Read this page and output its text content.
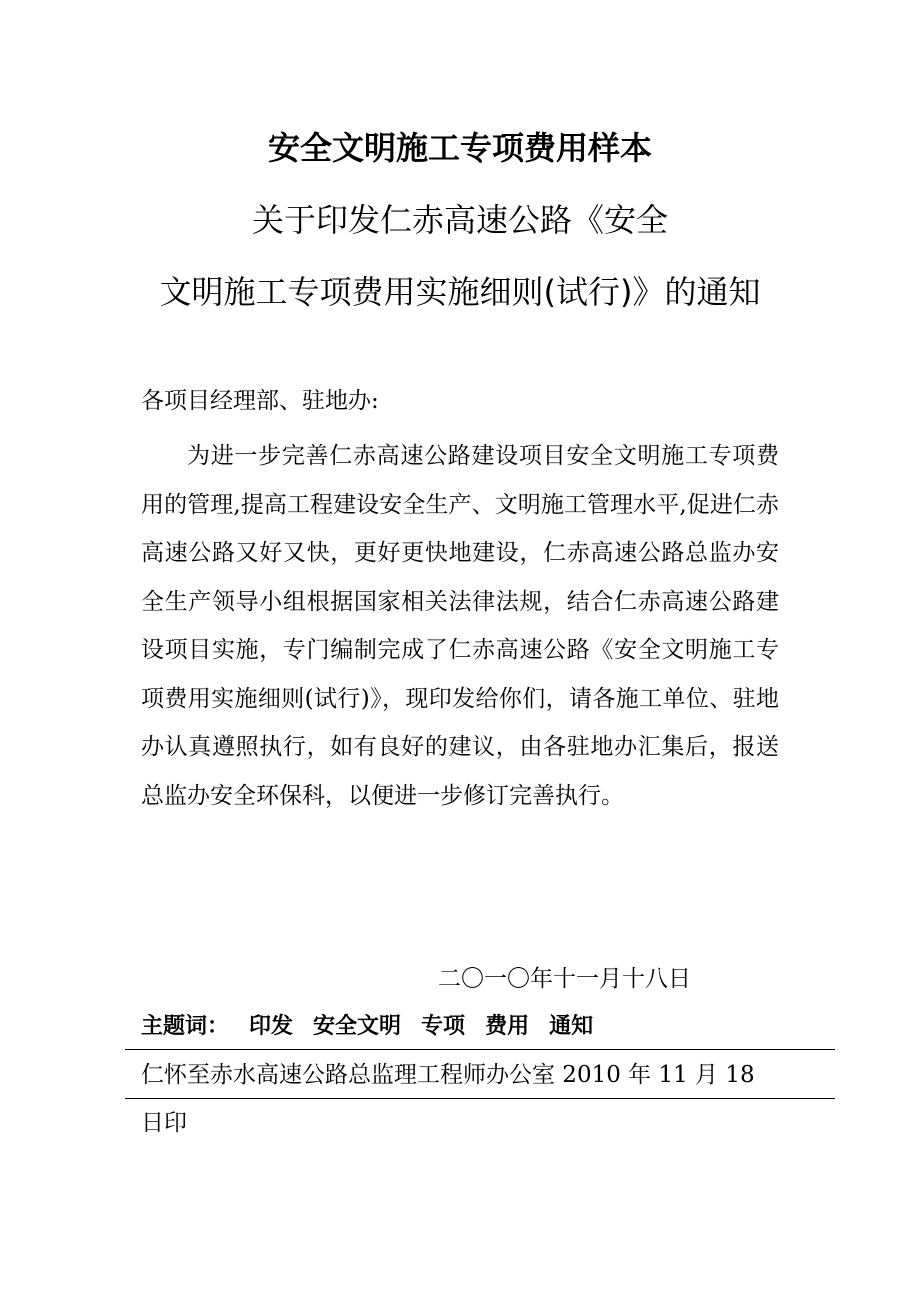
安全文明施工专项费用样本
关于印发仁赤高速公路《安全
文明施工专项费用实施细则(试行)》的通知
各项目经理部、驻地办:
为进一步完善仁赤高速公路建设项目安全文明施工专项费用的管理,提高工程建设安全生产、文明施工管理水平,促进仁赤高速公路又好又快，更好更快地建设，仁赤高速公路总监办安全生产领导小组根据国家相关法律法规，结合仁赤高速公路建设项目实施，专门编制完成了仁赤高速公路《安全文明施工专项费用实施细则(试行)》，现印发给你们，请各施工单位、驻地办认真遵照执行，如有良好的建议，由各驻地办汇集后，报送总监办安全环保科，以便进一步修订完善执行。
二〇一〇年十一月十八日
主题词： 印发 安全文明 专项 费用 通知
仁怀至赤水高速公路总监理工程师办公室 2010 年 11 月 18
日印
